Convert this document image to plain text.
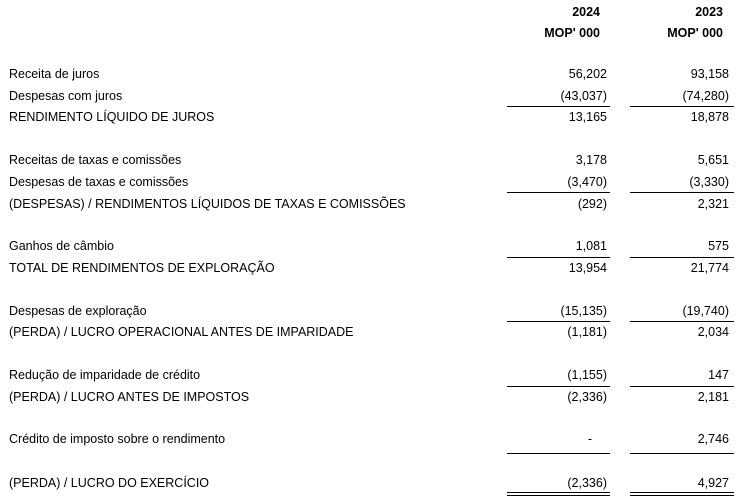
2024	2023
MOP' 000	MOP' 000
Receita de juros	56,202	93,158
Despesas com juros	(43,037)	(74,280)
RENDIMENTO LÍQUIDO DE JUROS	13,165	18,878
Receitas de taxas e comissões	3,178	5,651
Despesas de taxas e comissões	(3,470)	(3,330)
(DESPESAS) / RENDIMENTOS LÍQUIDOS DE TAXAS E COMISSÕES	(292)	2,321
Ganhos de câmbio	1,081	575
TOTAL DE RENDIMENTOS DE EXPLORAÇÃO	13,954	21,774
Despesas de exploração	(15,135)	(19,740)
(PERDA) / LUCRO OPERACIONAL ANTES DE IMPARIDADE	(1,181)	2,034
Redução de imparidade de crédito	(1,155)	147
(PERDA) / LUCRO ANTES DE IMPOSTOS	(2,336)	2,181
Crédito de imposto sobre o rendimento	-	2,746
(PERDA) / LUCRO DO EXERCÍCIO	(2,336)	4,927
